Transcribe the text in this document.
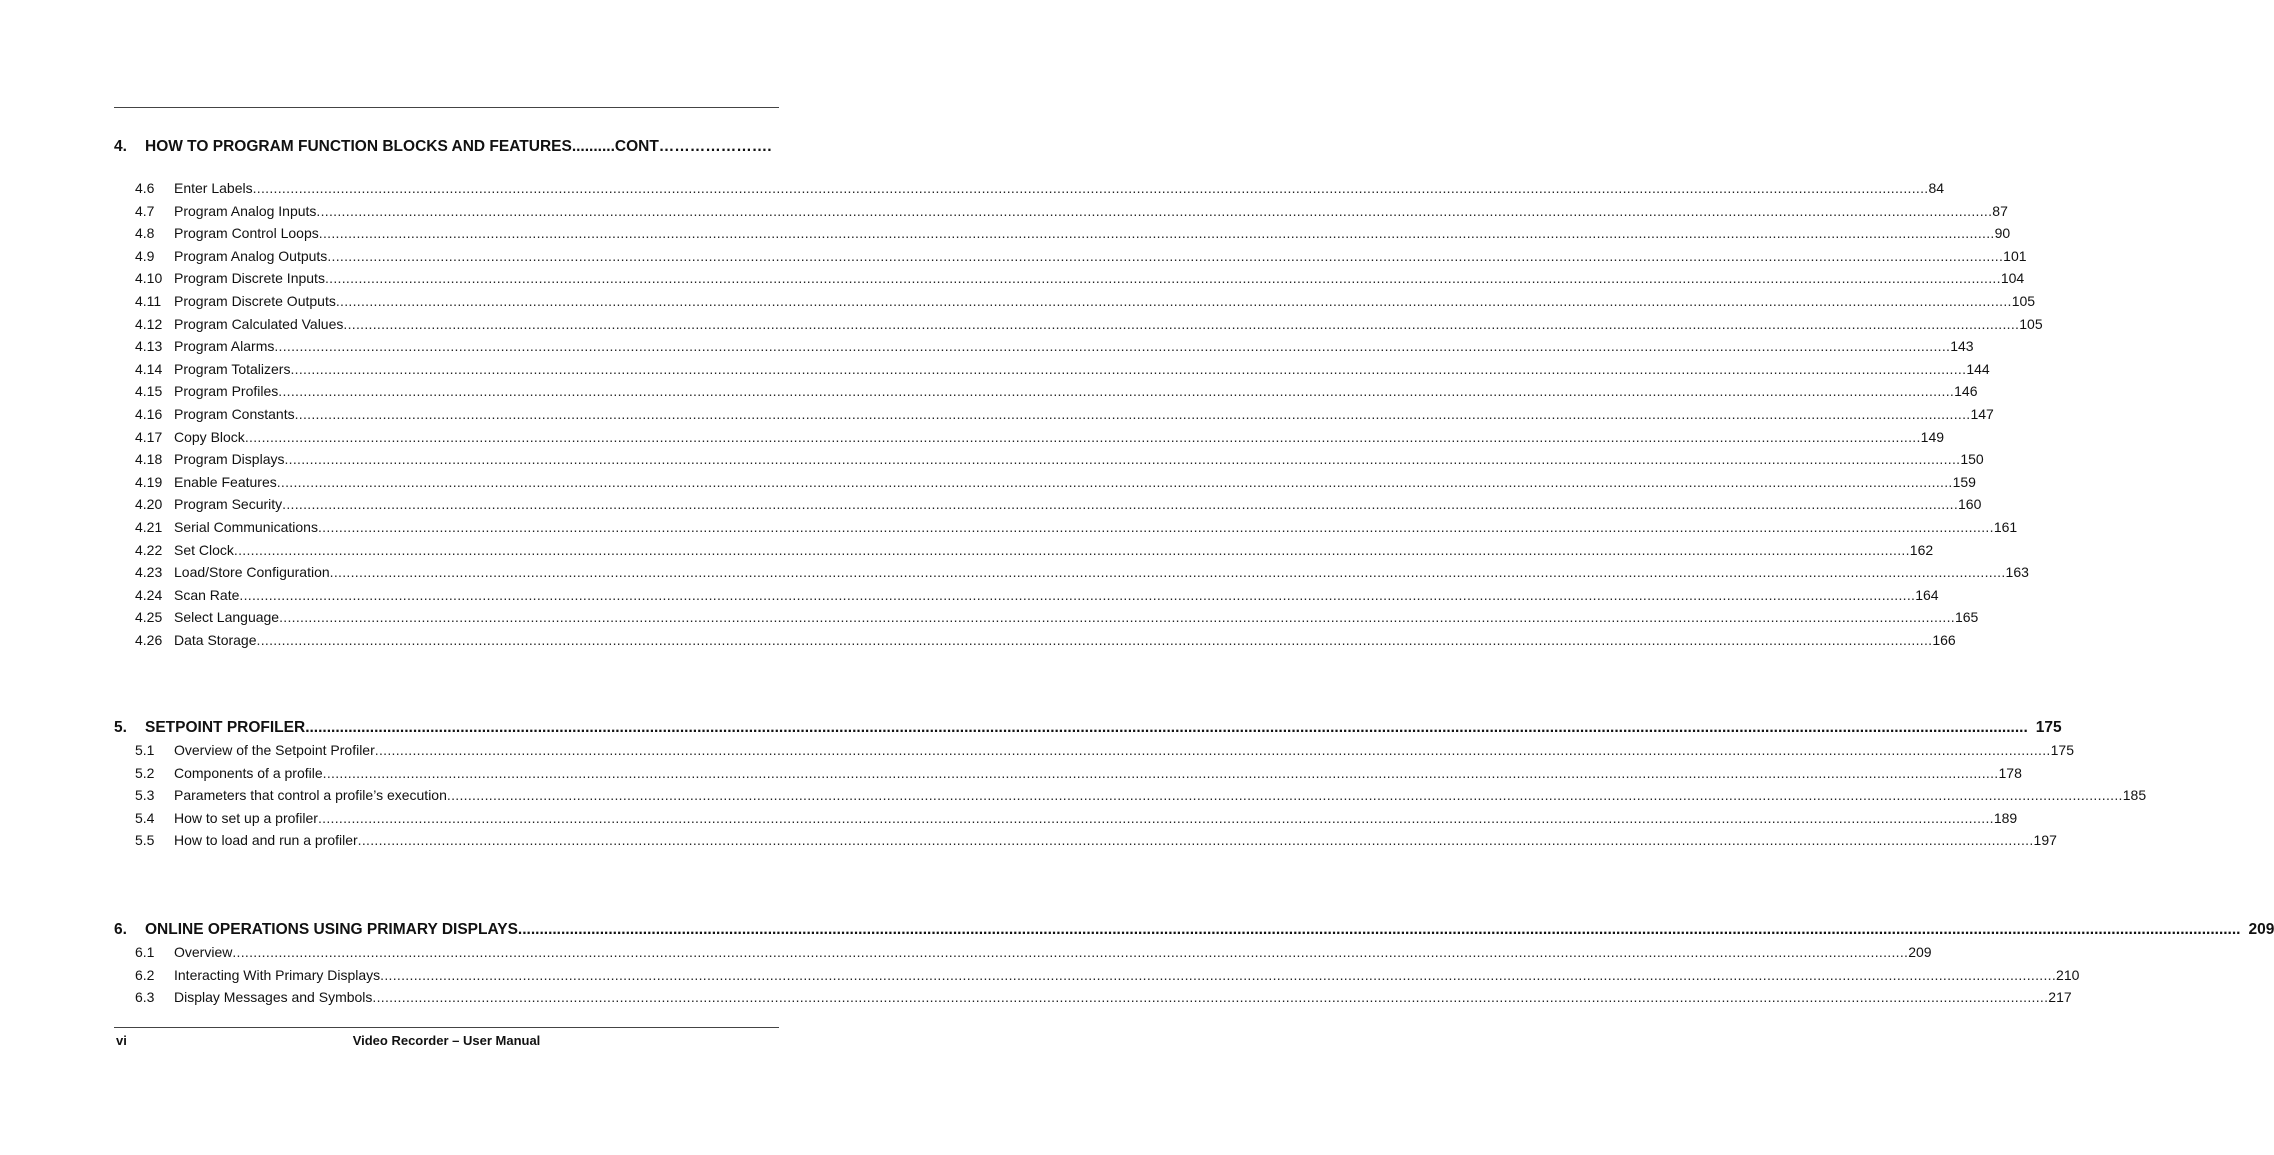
4.	HOW TO PROGRAM FUNCTION BLOCKS AND FEATURES ..........CONT………………….
4.6	Enter Labels ................................................................................................................................................................................................................................................................................................................................................................................................................ 84
4.7	Program Analog Inputs ................................................................................................................................................................................................................................................................................................................................................................................................................ 87
4.8	Program Control Loops ................................................................................................................................................................................................................................................................................................................................................................................................................ 90
4.9	Program Analog Outputs ................................................................................................................................................................................................................................................................................................................................................................................................................ 101
4.10 Program Discrete Inputs ................................................................................................................................................................................................................................................................................................................................................................................................................ 104
4.11 Program Discrete Outputs ................................................................................................................................................................................................................................................................................................................................................................................................................ 105
4.12 Program Calculated Values ................................................................................................................................................................................................................................................................................................................................................................................................................ 105
4.13 Program Alarms ................................................................................................................................................................................................................................................................................................................................................................................................................ 143
4.14 Program Totalizers ................................................................................................................................................................................................................................................................................................................................................................................................................ 144
4.15 Program Profiles ................................................................................................................................................................................................................................................................................................................................................................................................................ 146
4.16 Program Constants ................................................................................................................................................................................................................................................................................................................................................................................................................ 147
4.17 Copy Block ................................................................................................................................................................................................................................................................................................................................................................................................................ 149
4.18 Program Displays ................................................................................................................................................................................................................................................................................................................................................................................................................ 150
4.19 Enable Features ................................................................................................................................................................................................................................................................................................................................................................................................................ 159
4.20 Program Security ................................................................................................................................................................................................................................................................................................................................................................................................................ 160
4.21 Serial Communications ................................................................................................................................................................................................................................................................................................................................................................................................................ 161
4.22 Set Clock ................................................................................................................................................................................................................................................................................................................................................................................................................ 162
4.23 Load/Store Configuration ................................................................................................................................................................................................................................................................................................................................................................................................................ 163
4.24 Scan Rate ................................................................................................................................................................................................................................................................................................................................................................................................................ 164
4.25 Select Language ................................................................................................................................................................................................................................................................................................................................................................................................................ 165
4.26 Data Storage ................................................................................................................................................................................................................................................................................................................................................................................................................ 166
5.	SETPOINT PROFILER ................................................................................................................................................................................................................................................................................................................................................................................................................ 175
5.1	Overview of the Setpoint Profiler ................................................................................................................................................................................................................................................................................................................................................................................................................ 175
5.2	Components of a profile ................................................................................................................................................................................................................................................................................................................................................................................................................ 178
5.3	Parameters that control a profile’s execution ................................................................................................................................................................................................................................................................................................................................................................................................................ 185
5.4	How to set up a profiler ................................................................................................................................................................................................................................................................................................................................................................................................................ 189
5.5	How to load and run a profiler ................................................................................................................................................................................................................................................................................................................................................................................................................ 197
6.	ONLINE OPERATIONS USING PRIMARY DISPLAYS ................................................................................................................................................................................................................................................................................................................................................................................................................ 209
6.1	Overview ................................................................................................................................................................................................................................................................................................................................................................................................................ 209
6.2	Interacting With Primary Displays ................................................................................................................................................................................................................................................................................................................................................................................................................ 210
6.3	Display Messages and Symbols ................................................................................................................................................................................................................................................................................................................................................................................................................ 217
vi	Video Recorder – User Manual
